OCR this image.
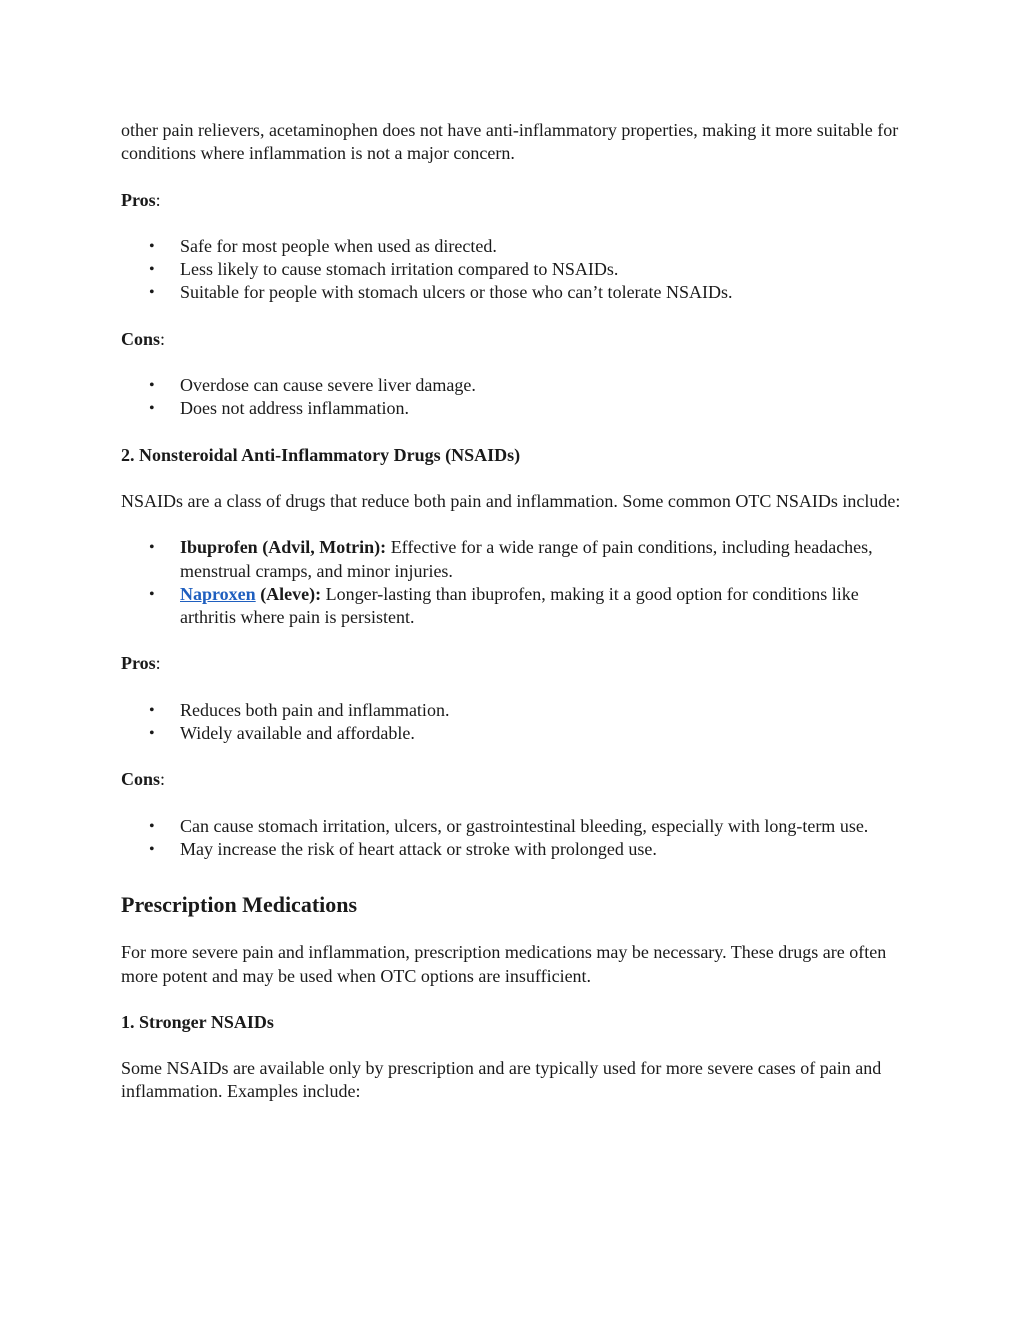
other pain relievers, acetaminophen does not have anti-inflammatory properties, making it more suitable for conditions where inflammation is not a major concern.

Pros:

• Safe for most people when used as directed.
• Less likely to cause stomach irritation compared to NSAIDs.
• Suitable for people with stomach ulcers or those who can’t tolerate NSAIDs.

Cons:

• Overdose can cause severe liver damage.
• Does not address inflammation.
2. Nonsteroidal Anti-Inflammatory Drugs (NSAIDs)

NSAIDs are a class of drugs that reduce both pain and inflammation. Some common OTC NSAIDs include:

• Ibuprofen (Advil, Motrin): Effective for a wide range of pain conditions, including headaches, menstrual cramps, and minor injuries.
• Naproxen (Aleve): Longer-lasting than ibuprofen, making it a good option for conditions like arthritis where pain is persistent.

Pros:

• Reduces both pain and inflammation.
• Widely available and affordable.

Cons:

• Can cause stomach irritation, ulcers, or gastrointestinal bleeding, especially with long-term use.
• May increase the risk of heart attack or stroke with prolonged use.
Prescription Medications

For more severe pain and inflammation, prescription medications may be necessary. These drugs are often more potent and may be used when OTC options are insufficient.

1. Stronger NSAIDs

Some NSAIDs are available only by prescription and are typically used for more severe cases of pain and inflammation. Examples include:
